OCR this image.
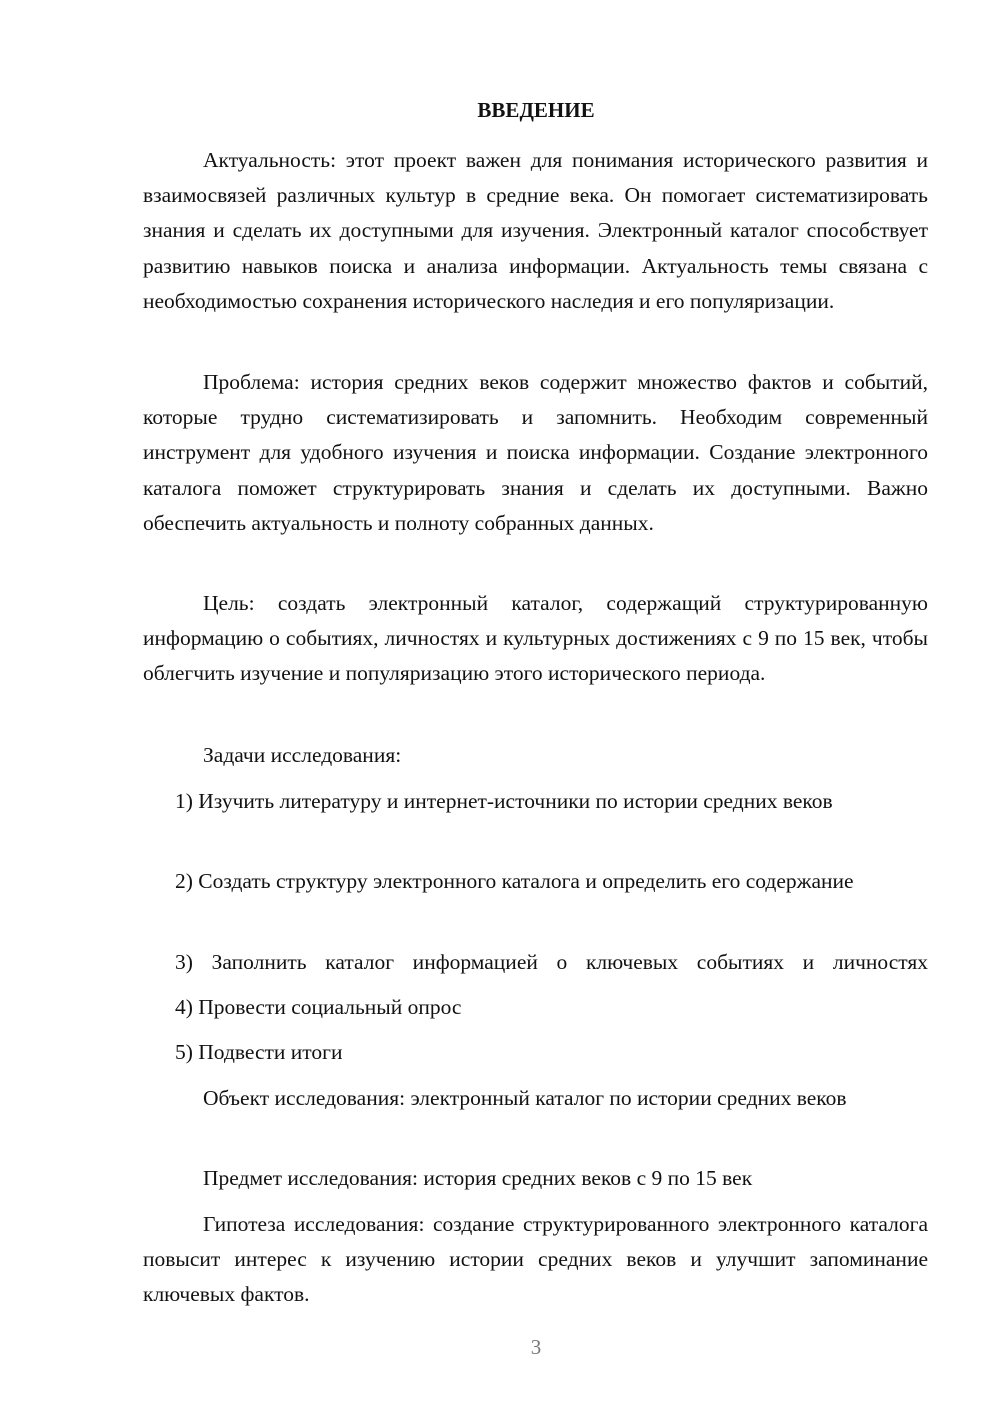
ВВЕДЕНИЕ

Актуальность: этот проект важен для понимания исторического развития и взаимосвязей различных культур в средние века. Он помогает систематизировать знания и сделать их доступными для изучения. Электронный каталог способствует развитию навыков поиска и анализа информации. Актуальность темы связана с необходимостью сохранения исторического наследия и его популяризации.

Проблема: история средних веков содержит множество фактов и событий, которые трудно систематизировать и запомнить. Необходим современный инструмент для удобного изучения и поиска информации. Создание электронного каталога поможет структурировать знания и сделать их доступными. Важно обеспечить актуальность и полноту собранных данных.

Цель: создать электронный каталог, содержащий структурированную информацию о событиях, личностях и культурных достижениях с 9 по 15 век, чтобы облегчить изучение и популяризацию этого исторического периода.

Задачи исследования:

1) Изучить литературу и интернет-источники по истории средних веков

2) Создать структуру электронного каталога и определить его содержание

3) Заполнить каталог информацией о ключевых событиях и личностях

4) Провести социальный опрос

5) Подвести итоги

Объект исследования: электронный каталог по истории средних веков

Предмет исследования: история средних веков с 9 по 15 век

Гипотеза исследования: создание структурированного электронного каталога повысит интерес к изучению истории средних веков и улучшит запоминание ключевых фактов.

3
